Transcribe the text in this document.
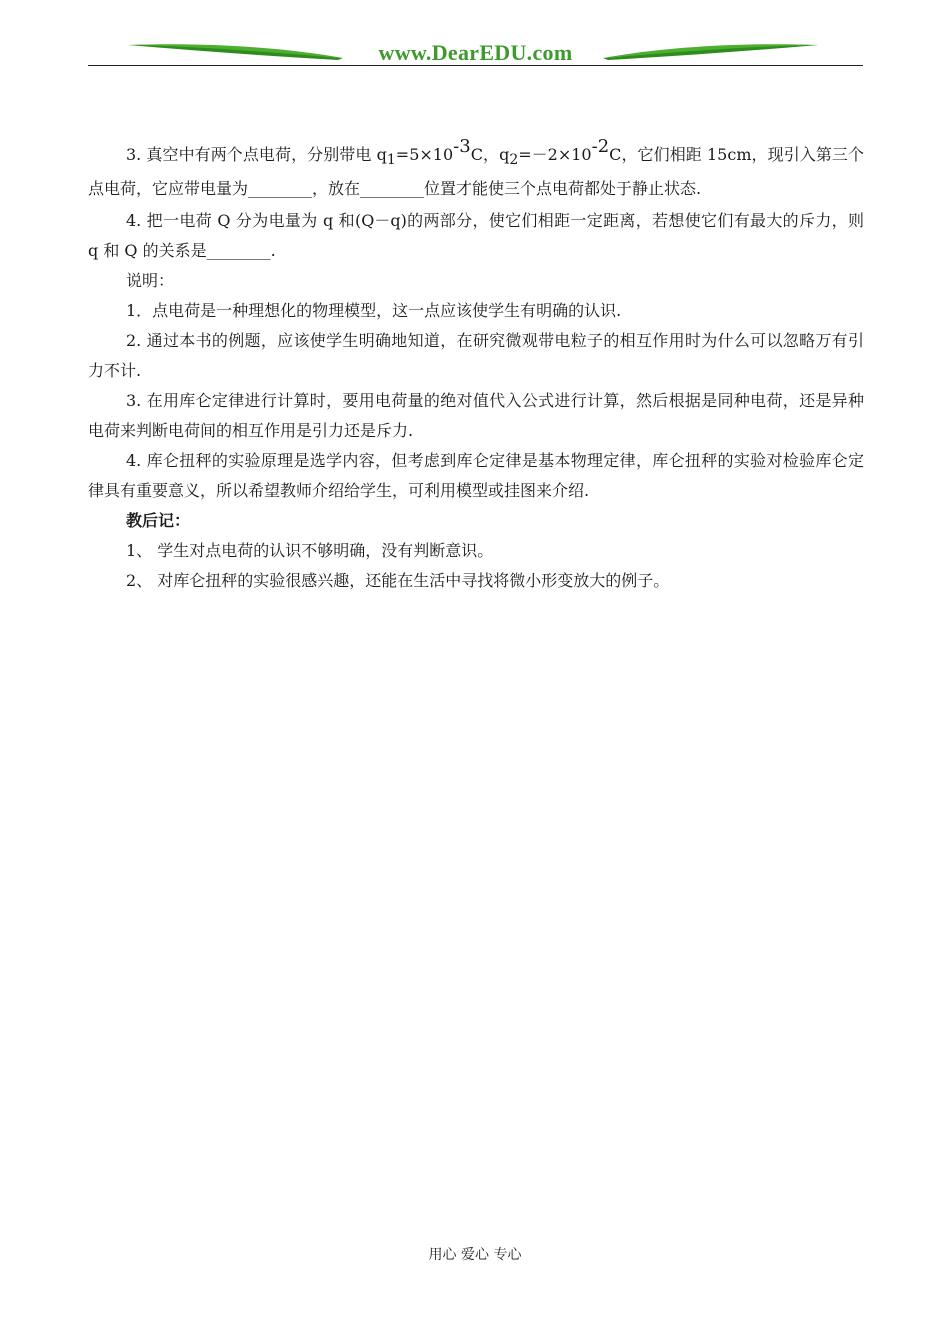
www.DearEDU.com

3. 真空中有两个点电荷，分别带电 $q_1=5\times 10^{-3}C$，$q_2=-2\times 10^{-2}C$，它们相距 15cm，现引入第三个点电荷，它应带电量为________，放在________位置才能使三个点电荷都处于静止状态.

4. 把一电荷 Q 分为电量为 q 和(Q－q)的两部分，使它们相距一定距离，若想使它们有最大的斥力，则 q 和 Q 的关系是________.

说明：

1．点电荷是一种理想化的物理模型，这一点应该使学生有明确的认识.

2. 通过本书的例题，应该使学生明确地知道，在研究微观带电粒子的相互作用时为什么可以忽略万有引力不计.

3. 在用库仑定律进行计算时，要用电荷量的绝对值代入公式进行计算，然后根据是同种电荷，还是异种电荷来判断电荷间的相互作用是引力还是斥力.

4. 库仑扭秤的实验原理是选学内容，但考虑到库仑定律是基本物理定律，库仑扭秤的实验对检验库仑定律具有重要意义，所以希望教师介绍给学生，可利用模型或挂图来介绍.

教后记：

1、 学生对点电荷的认识不够明确，没有判断意识。

2、 对库仑扭秤的实验很感兴趣，还能在生活中寻找将微小形变放大的例子。

用心 爱心 专心
